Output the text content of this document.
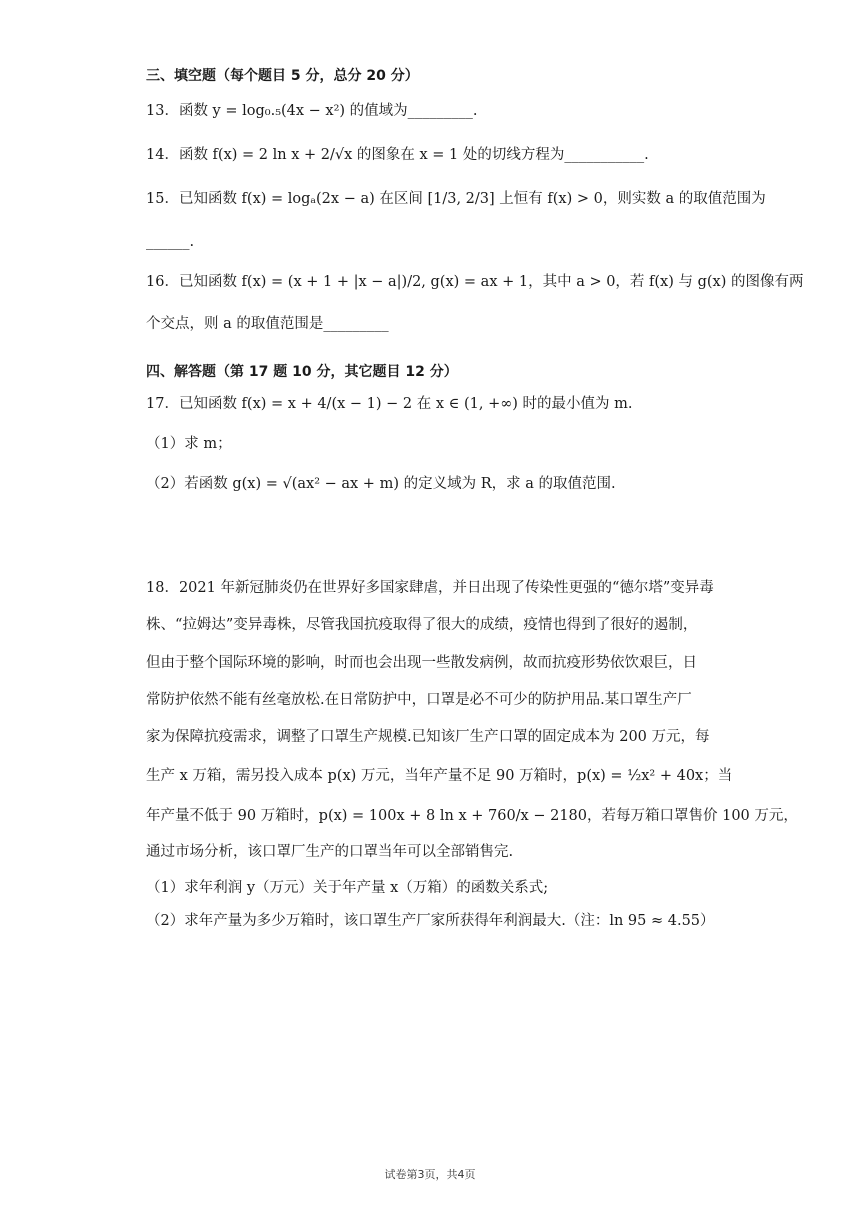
三、填空题（每个题目 5 分，总分 20 分）
13．函数 y = log₀.₅(4x − x²) 的值域为_________.
14．函数 f(x) = 2 ln x + 2/√x 的图象在 x = 1 处的切线方程为___________.
15．已知函数 f(x) = logₐ(2x − a) 在区间 [1/3, 2/3] 上恒有 f(x) > 0，则实数 a 的取值范围为
______.
16．已知函数 f(x) = (x + 1 + |x − a|)/2, g(x) = ax + 1，其中 a > 0，若 f(x) 与 g(x) 的图像有两
个交点，则 a 的取值范围是_________
四、解答题（第 17 题 10 分，其它题目 12 分）
17．已知函数 f(x) = x + 4/(x − 1) − 2 在 x ∈ (1, +∞) 时的最小值为 m.
（1）求 m；
（2）若函数 g(x) = √(ax² − ax + m) 的定义域为 R，求 a 的取值范围.
18．2021 年新冠肺炎仍在世界好多国家肆虐，并日出现了传染性更强的“德尔塔”变异毒
株、“拉姆达”变异毒株，尽管我国抗疫取得了很大的成绩，疫情也得到了很好的遏制，
但由于整个国际环境的影响，时而也会出现一些散发病例，故而抗疫形势依饮艰巨，日
常防护依然不能有丝毫放松.在日常防护中，口罩是必不可少的防护用品.某口罩生产厂
家为保障抗疫需求，调整了口罩生产规模.已知该厂生产口罩的固定成本为 200 万元，每
生产 x 万箱，需另投入成本 p(x) 万元，当年产量不足 90 万箱时，p(x) = ½x² + 40x；当
年产量不低于 90 万箱时，p(x) = 100x + 8 ln x + 760/x − 2180，若每万箱口罩售价 100 万元，
通过市场分析，该口罩厂生产的口罩当年可以全部销售完.
（1）求年利润 y（万元）关于年产量 x（万箱）的函数关系式;
（2）求年产量为多少万箱时，该口罩生产厂家所获得年利润最大.（注：ln 95 ≈ 4.55）
试卷第3页，共4页
